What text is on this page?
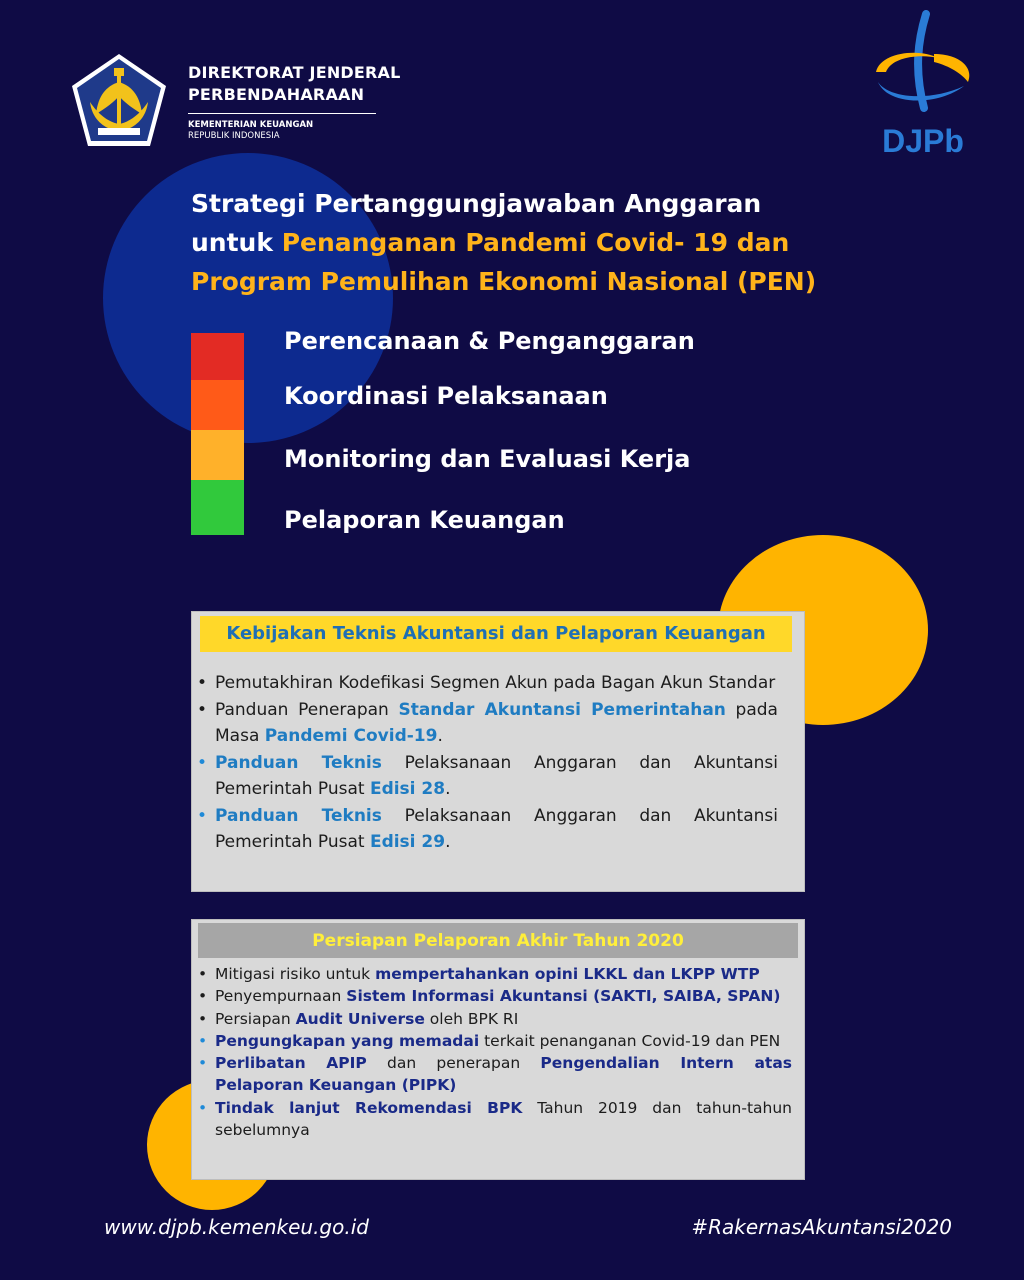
DIREKTORAT JENDERAL
PERBENDAHARAAN
KEMENTERIAN KEUANGAN
REPUBLIK INDONESIA	DJPb
Strategi Pertanggungjawaban Anggaran
untuk Penanganan Pandemi Covid- 19 dan
Program Pemulihan Ekonomi Nasional (PEN)
Perencanaan & Penganggaran
Koordinasi Pelaksanaan
Monitoring dan Evaluasi Kerja
Pelaporan Keuangan
Kebijakan Teknis Akuntansi dan Pelaporan Keuangan
• Pemutakhiran Kodefikasi Segmen Akun pada Bagan Akun Standar
• Panduan Penerapan Standar Akuntansi Pemerintahan pada Masa Pandemi Covid-19.
• Panduan Teknis Pelaksanaan Anggaran dan Akuntansi Pemerintah Pusat Edisi 28.
• Panduan Teknis Pelaksanaan Anggaran dan Akuntansi Pemerintah Pusat Edisi 29.
Persiapan Pelaporan Akhir Tahun 2020
• Mitigasi risiko untuk mempertahankan opini LKKL dan LKPP WTP
• Penyempurnaan Sistem Informasi Akuntansi (SAKTI, SAIBA, SPAN)
• Persiapan Audit Universe oleh BPK RI
• Pengungkapan yang memadai terkait penanganan Covid-19 dan PEN
• Perlibatan APIP dan penerapan Pengendalian Intern atas Pelaporan Keuangan (PIPK)
• Tindak lanjut Rekomendasi BPK Tahun 2019 dan tahun-tahun sebelumnya
www.djpb.kemenkeu.go.id	#RakernasAkuntansi2020
